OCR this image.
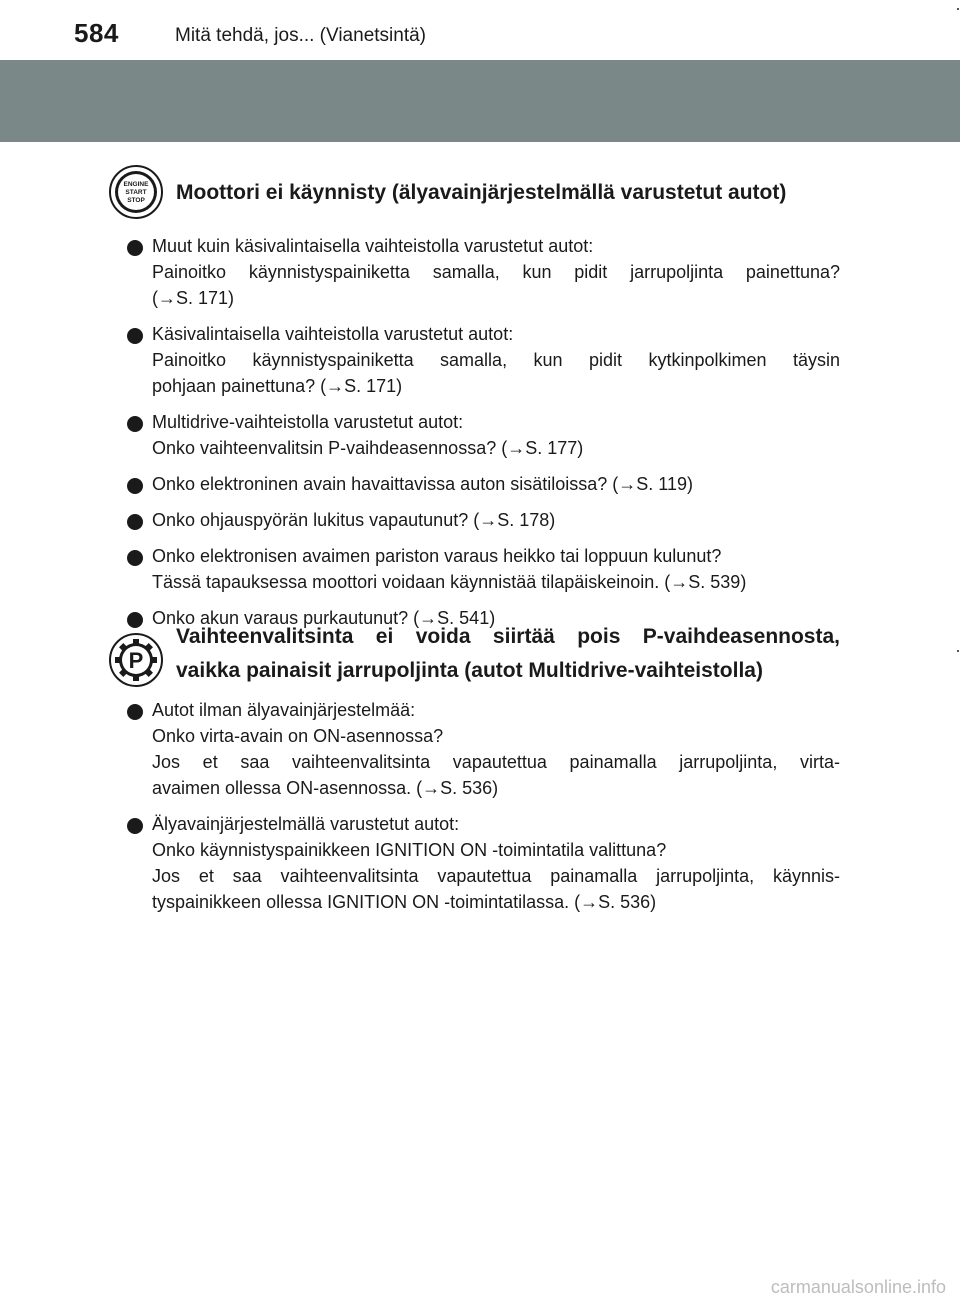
584	Mitä tehdä, jos... (Vianetsintä)
ENGINE
START
STOP Moottori ei käynnisty (älyavainjärjestelmällä varustetut autot)
Muut kuin käsivalintaisella vaihteistolla varustetut autot:
Painoitko käynnistyspainiketta samalla, kun pidit jarrupoljinta painettuna?
(→S. 171)
Käsivalintaisella vaihteistolla varustetut autot:
Painoitko käynnistyspainiketta samalla, kun pidit kytkinpolkimen täysin
pohjaan painettuna? (→S. 171)
Multidrive-vaihteistolla varustetut autot:
Onko vaihteenvalitsin P-vaihdeasennossa? (→S. 177)
Onko elektroninen avain havaittavissa auton sisätiloissa? (→S. 119)
Onko ohjauspyörän lukitus vapautunut? (→S. 178)
Onko elektronisen avaimen pariston varaus heikko tai loppuun kulunut?
Tässä tapauksessa moottori voidaan käynnistää tilapäiskeinoin. (→S. 539)
Onko akun varaus purkautunut? (→S. 541)
P
Vaihteenvalitsinta ei voida siirtää pois P-vaihdeasennosta,
vaikka painaisit jarrupoljinta (autot Multidrive-vaihteistolla)
Autot ilman älyavainjärjestelmää:
Onko virta-avain on ON-asennossa?
Jos et saa vaihteenvalitsinta vapautettua painamalla jarrupoljinta, virta-
avaimen ollessa ON-asennossa. (→S. 536)
Älyavainjärjestelmällä varustetut autot:
Onko käynnistyspainikkeen IGNITION ON -toimintatila valittuna?
Jos et saa vaihteenvalitsinta vapautettua painamalla jarrupoljinta, käynnis-
tyspainikkeen ollessa IGNITION ON -toimintatilassa. (→S. 536)
carmanualsonline.info
